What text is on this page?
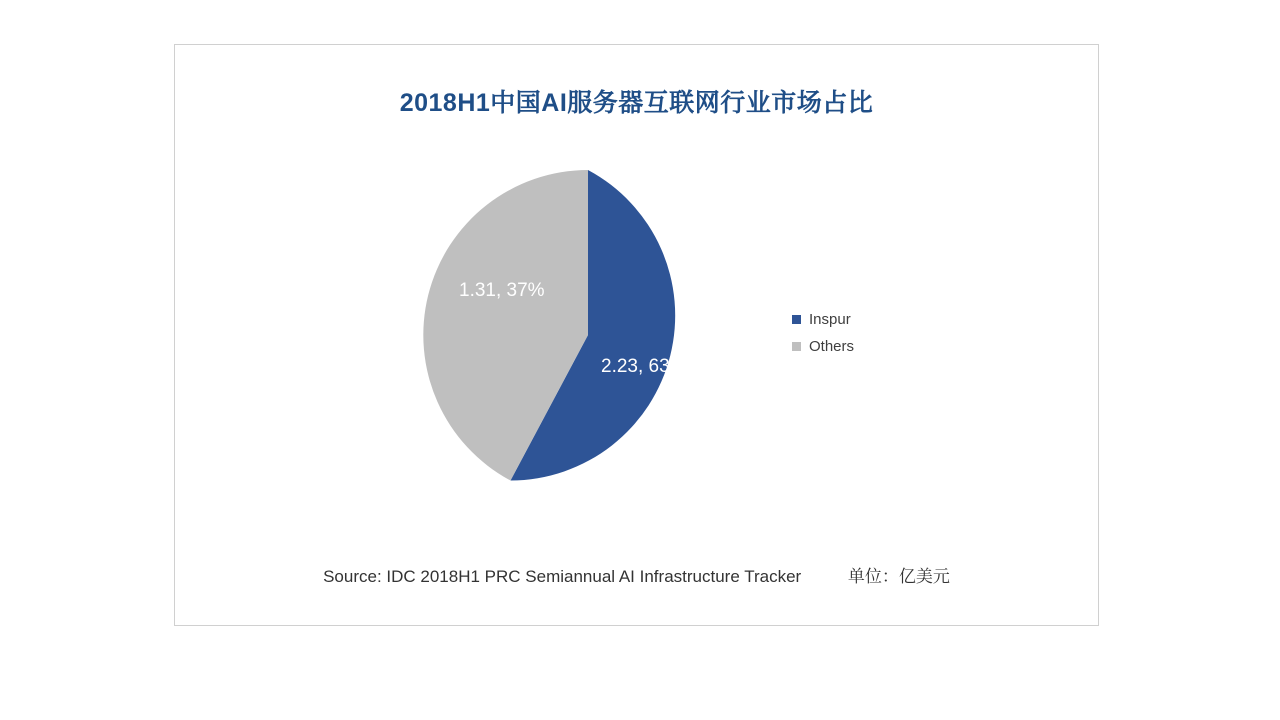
2018H1中国AI服务器互联网行业市场占比
2.23, 63%
1.31, 37%
Inspur
Others
Source: IDC 2018H1 PRC Semiannual AI Infrastructure Tracker	单位：亿美元
